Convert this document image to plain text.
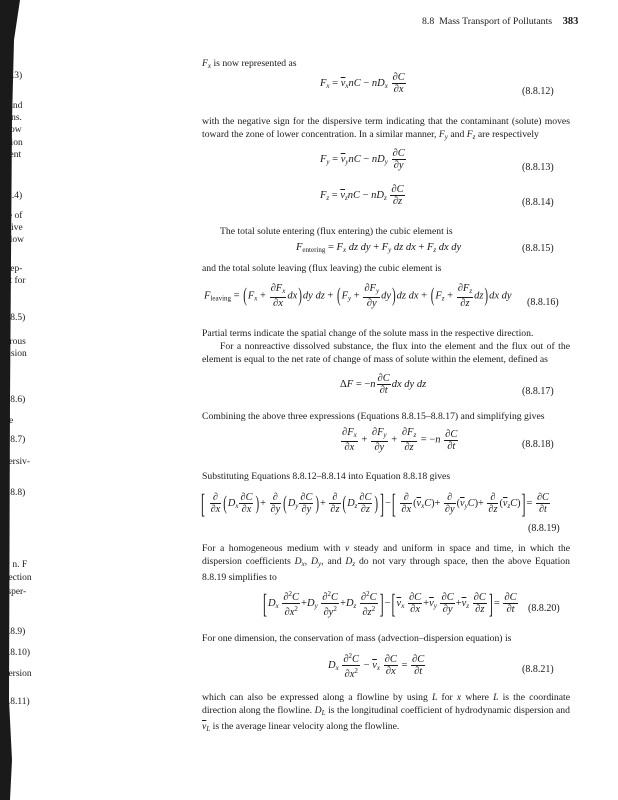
3.8.3)
st and
sions.
ollow
rption
icient
8.8.4)
ase of
ective
e flow
e sep-
unt for
(8.8.5)
porous
ffusion
is
(8.8.6)
ave
(8.8.7)
spersiv-
p
(8.8.8)
ity n. F
lirection
disper-
(8.8.9)
(8.8.10)
spersion
(8.8.11)
8.8 Mass Transport of Pollutants 383
$F_x$ is now represented as
$F_x = \overline{v}_xnC - nD_x \frac{\partial C}{\partial x}$	(8.8.12)
with the negative sign for the dispersive term indicating that the contaminant (solute) moves toward the zone of lower concentration. In a similar manner, $F_y$ and $F_z$ are respectively
$F_y = \overline{v}_ynC - nD_y \frac{\partial C}{\partial y}$	(8.8.13)
$F_z = \overline{v}_znC - nD_z \frac{\partial C}{\partial z}$	(8.8.14)
The total solute entering (flux entering) the cubic element is
$F_{entering} = F_x$ dz dy + $F_y$ dz dx + $F_z$ dx dy	(8.8.15)
and the total solute leaving (flux leaving) the cubic element is
$F_{leaving} = (F_x + \frac{\partial F_x}{\partial x} dx)dy$ dz + $(F_y + \frac{\partial F_y}{\partial y} dy)dz$ dx + $(F_z + \frac{\partial F_z}{\partial z} dz)dx$ dy
(8.8.16)
Partial terms indicate the spatial change of the solute mass in the respective direction.
For a nonreactive dissolved substance, the flux into the element and the flux out of the element is equal to the net rate of change of mass of solute within the element, defined as
$\Delta F = -n \frac{\partial C}{\partial t}$ dx dy dz
(8.8.17)
Combining the above three expressions (Equations 8.8.15–8.8.17) and simplifying gives
$\frac{\partial F_x}{\partial x} + \frac{\partial F_y}{\partial y} + \frac{\partial F_z}{\partial z} = -n \frac{\partial C}{\partial t}$	(8.8.18)
Substituting Equations 8.8.12–8.8.14 into Equation 8.8.18 gives
[ $\frac{\partial}{\partial x} (D_x \frac{\partial C}{\partial x}$ )+ $\frac{\partial}{\partial y} (D_y \frac{\partial C}{\partial y}$ )+ $\frac{\partial}{\partial z} (D_z \frac{\partial C}{\partial z}$ ) ]−[ $\frac{\partial}{\partial x} (\overline{v}_xC)+ \frac{\partial}{\partial y} (\overline{v}_yC)+ \frac{\partial}{\partial z} (\overline{v}_zC)]= \frac{\partial C}{\partial t}$
(8.8.19)
For a homogeneous medium with v steady and uniform in space and time, in which the dispersion coefficients $D_x$, $D_y$, and $D_z$ do not vary through space, then the above Equation 8.8.19 simplifies to
$[D_x \frac{\partial^2C}{\partial x^2} +D_y \frac{\partial^2C}{\partial y^2} +D_z \frac{\partial^2C}{\partial z^2} ]-[\overline{v}_x \frac{\partial C}{\partial x} +\overline{v}_y \frac{\partial C}{\partial y} +\overline{v}_z \frac{\partial C}{\partial z}$ ]= $\frac{\partial C}{\partial t} (8.8.20)$
For one dimension, the conservation of mass (advection–dispersion equation) is
$D_x \frac{\partial^2C}{\partial x^2} - \overline{v}_x \frac{\partial C}{\partial x} = \frac{\partial C}{\partial t}$	(8.8.21)
which can also be expressed along a flowline by using L for x where L is the coordinate direction along the flowline. $D_L$ is the longitudinal coefficient of hydrodynamic dispersion and $\overline{v}_L$ is the average linear velocity along the flowline.
